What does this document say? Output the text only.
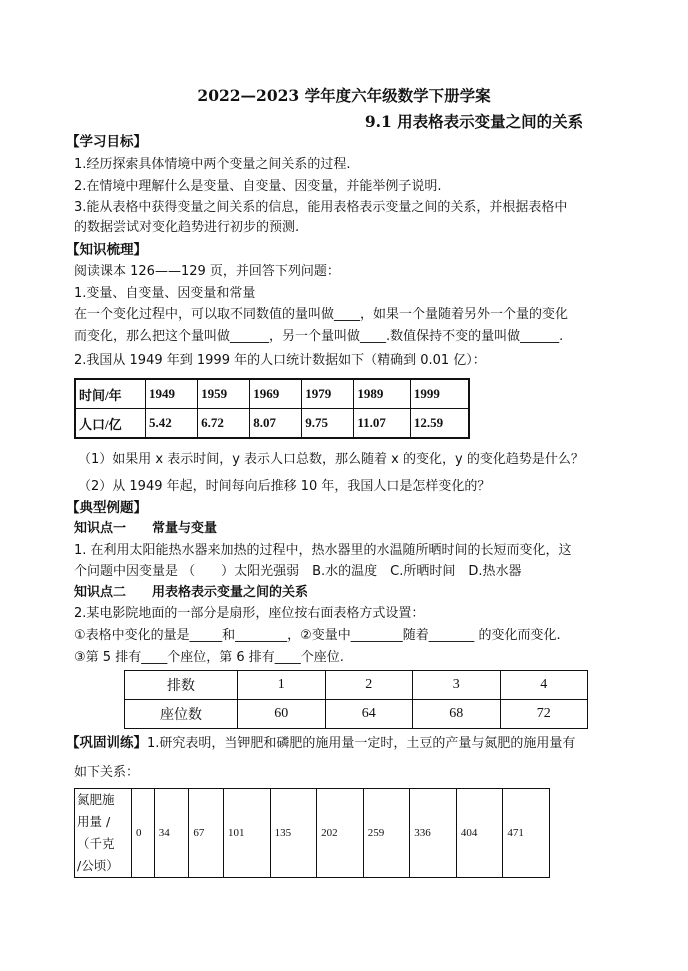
2022—2023 学年度六年级数学下册学案
9.1 用表格表示变量之间的关系
【学习目标】
1.经历探索具体情境中两个变量之间关系的过程.
2.在情境中理解什么是变量、自变量、因变量，并能举例子说明.
3.能从表格中获得变量之间关系的信息，能用表格表示变量之间的关系，并根据表格中
的数据尝试对变化趋势进行初步的预测.
【知识梳理】
阅读课本 126——129 页，并回答下列问题：
1.变量、自变量、因变量和常量
在一个变化过程中，可以取不同数值的量叫做____，如果一个量随着另外一个量的变化
而变化，那么把这个量叫做______，另一个量叫做____.数值保持不变的量叫做______.
2.我国从 1949 年到 1999 年的人口统计数据如下（精确到 0.01 亿）：
时间/年	1949	1959	1969	1979	1989	1999
人口/亿	5.42	6.72	8.07	9.75	11.07	12.59
（1）如果用 x 表示时间，y 表示人口总数，那么随着 x 的变化，y 的变化趋势是什么？
（2）从 1949 年起，时间每向后推移 10 年，我国人口是怎样变化的？
【典型例题】
知识点一　　常量与变量
1. 在利用太阳能热水器来加热的过程中，热水器里的水温随所晒时间的长短而变化，这
个问题中因变量是 （　　）太阳光强弱　B.水的温度　C.所晒时间　D.热水器
知识点二　　用表格表示变量之间的关系
2.某电影院地面的一部分是扇形，座位按右面表格方式设置：
①表格中变化的量是_____和________，②变量中________随着_______ 的变化而变化.
③第 5 排有____个座位，第 6 排有____个座位.
排数	1	2	3	4
座位数	60	64	68	72
【巩固训练】1.研究表明，当钾肥和磷肥的施用量一定时，土豆的产量与氮肥的施用量有
如下关系：
氮肥施
用量 /
（千克
/公顷）
	0	34	67	101	135	202	259	336	404	471
